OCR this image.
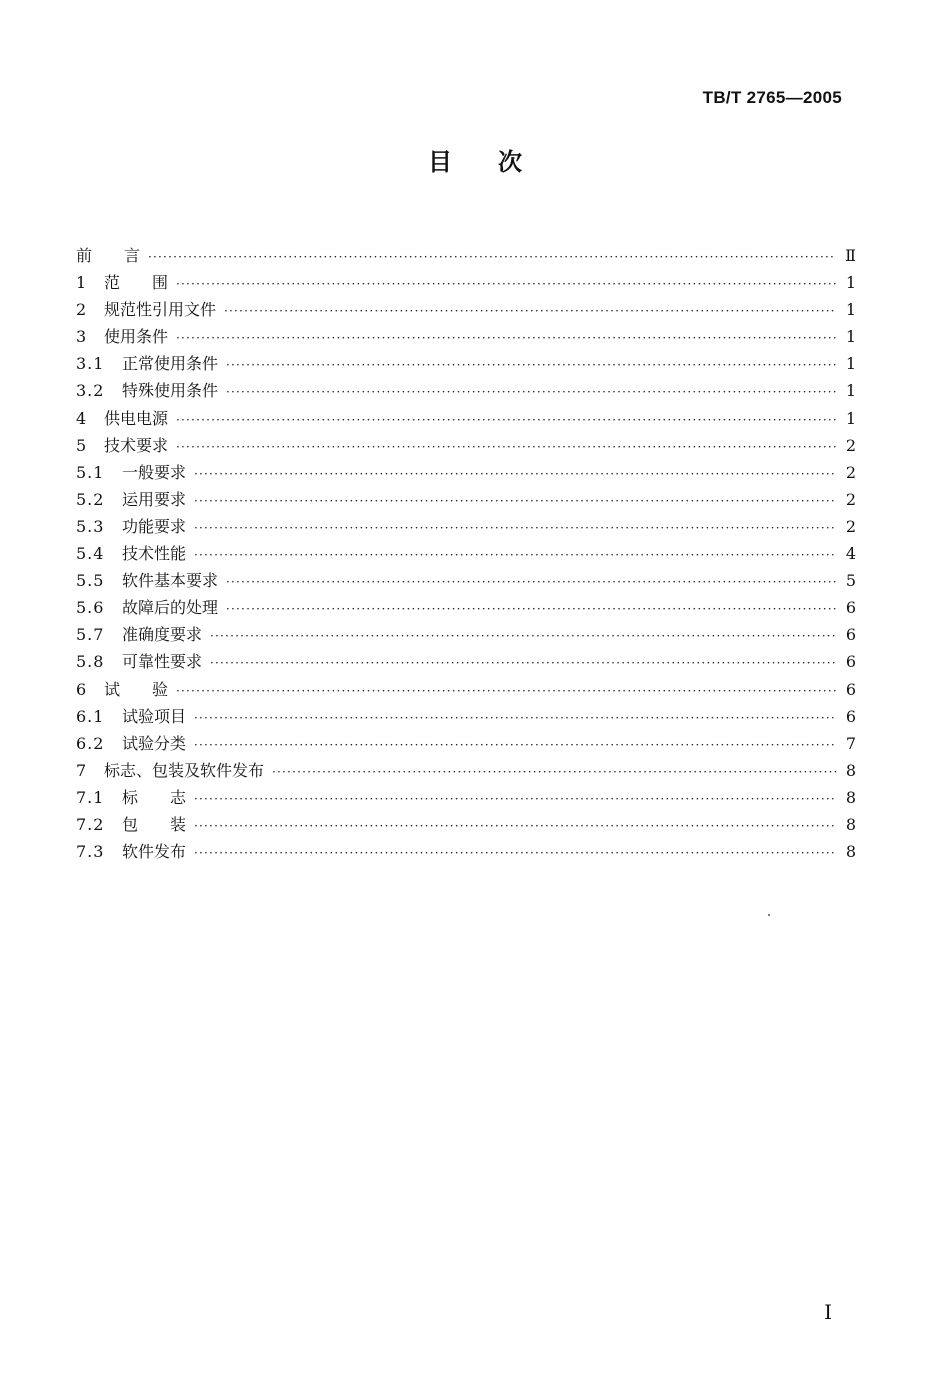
TB/T 2765—2005
目次
前　　言 ·····	Ⅱ
1	范　　围 ·····	1
2	规范性引用文件 ·····	1
3	使用条件 ·····	1
3.1	正常使用条件 ·····	1
3.2	特殊使用条件 ·····	1
4	供电电源 ·····	1
5	技术要求 ·····	2
5.1	一般要求 ·····	2
5.2	运用要求 ·····	2
5.3	功能要求 ·····	2
5.4	技术性能 ·····	4
5.5	软件基本要求 ·····	5
5.6	故障后的处理 ·····	6
5.7	准确度要求 ·····	6
5.8	可靠性要求 ·····	6
6	试　　验 ·····	6
6.1	试验项目 ·····	6
6.2	试验分类 ·····	7
7	标志、包装及软件发布 ·····	8
7.1	标　　志 ·····	8
7.2	包　　装 ·····	8
7.3	软件发布 ·····	8
I
